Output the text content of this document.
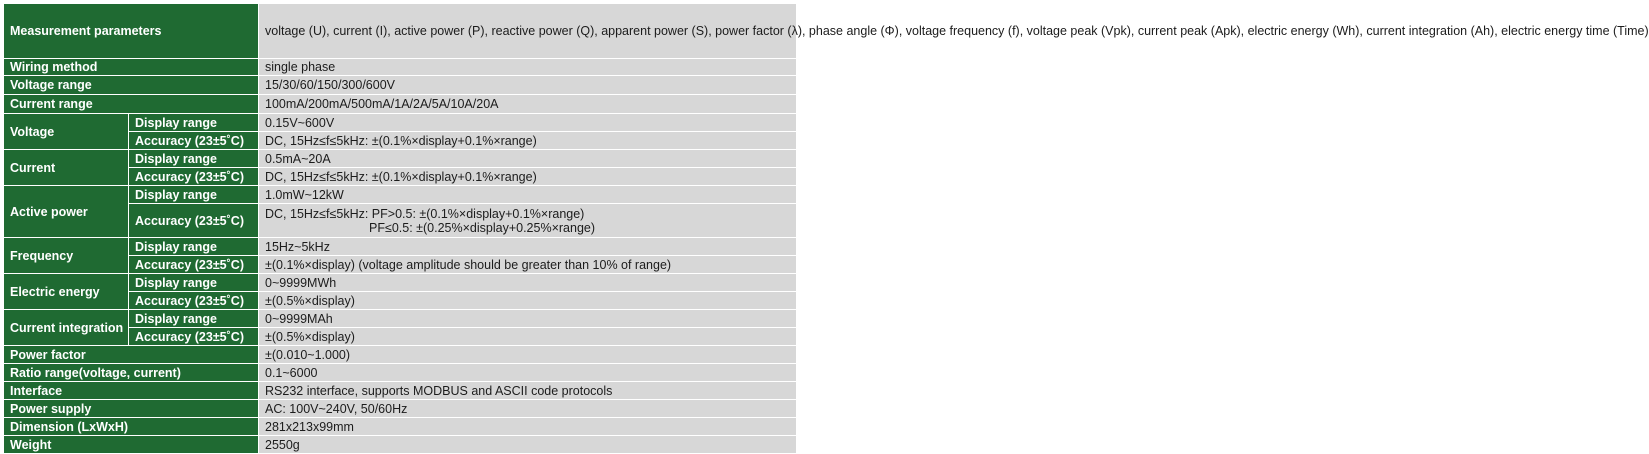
Measurement parameters		voltage (U), current (I), active power (P), reactive power (Q), apparent power (S), power factor (λ), phase angle (Φ), voltage frequency (f), voltage peak (Vpk), current peak (Apk), electric energy (Wh), current integration (Ah), electric energy time (Time)
Wiring method		single phase
Voltage range		15/30/60/150/300/600V
Current range		100mA/200mA/500mA/1A/2A/5A/10A/20A
Voltage	Display range	0.15V~600V
	Accuracy (23±5˚C)	DC, 15Hz≤f≤5kHz: ±(0.1%×display+0.1%×range)
Current	Display range	0.5mA~20A
	Accuracy (23±5˚C)	DC, 15Hz≤f≤5kHz: ±(0.1%×display+0.1%×range)
Active power	Display range	1.0mW~12kW
	Accuracy (23±5˚C)	DC, 15Hz≤f≤5kHz: PF>0.5: ±(0.1%×display+0.1%×range)
PF≤0.5: ±(0.25%×display+0.25%×range)

Frequency	Display range	15Hz~5kHz
	Accuracy (23±5˚C)	±(0.1%×display) (voltage amplitude should be greater than 10% of range)
Electric energy	Display range	0~9999MWh
	Accuracy (23±5˚C)	±(0.5%×display)
Current integration	Display range	0~9999MAh
	Accuracy (23±5˚C)	±(0.5%×display)
Power factor		±(0.010~1.000)
Ratio range(voltage, current)		0.1~6000
Interface		RS232 interface, supports MODBUS and ASCII code protocols
Power supply		AC: 100V~240V, 50/60Hz
Dimension (LxWxH)		281x213x99mm
Weight		2550g
